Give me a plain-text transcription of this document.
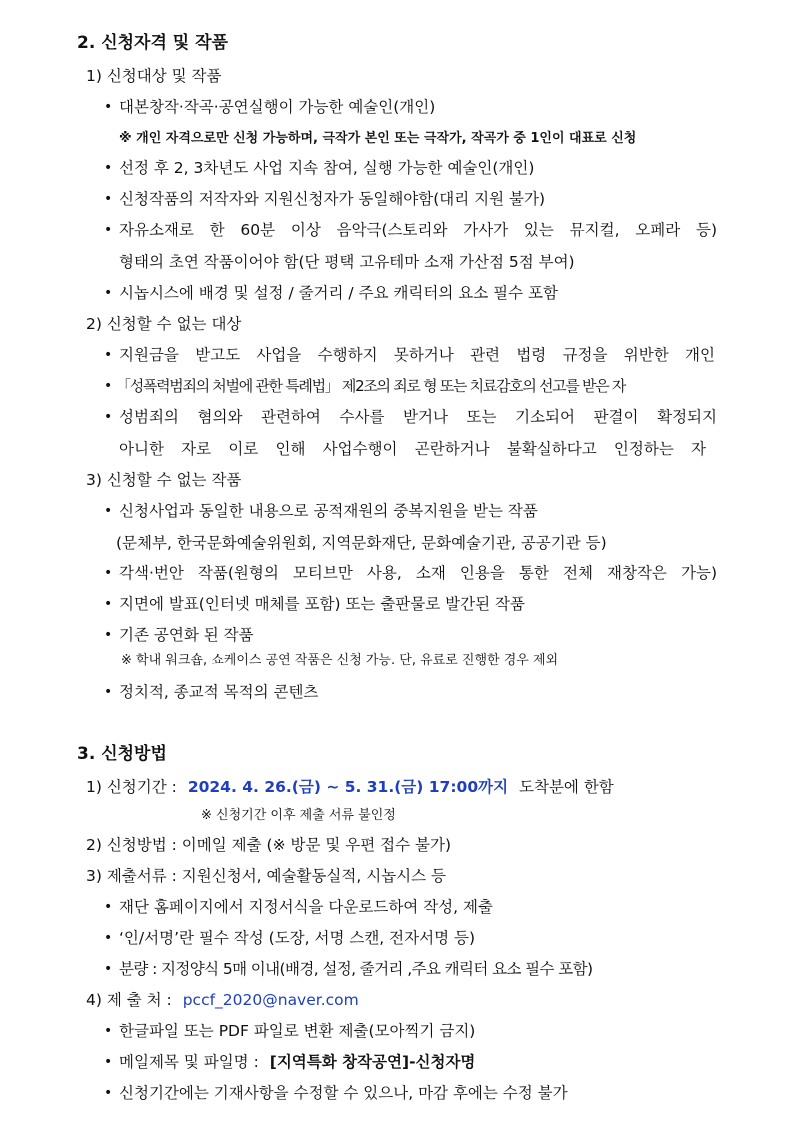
2. 신청자격 및 작품
1) 신청대상 및 작품
• 대본창작·작곡·공연실행이 가능한 예술인(개인)
※ 개인 자격으로만 신청 가능하며, 극작가 본인 또는 극작가, 작곡가 중 1인이 대표로 신청
• 선정 후 2, 3차년도 사업 지속 참여, 실행 가능한 예술인(개인)
• 신청작품의 저작자와 지원신청자가 동일해야함(대리 지원 불가)
• 자유소재로 한 60분 이상 음악극(스토리와 가사가 있는 뮤지컬, 오페라 등)
형태의 초연 작품이어야 함(단 평택 고유테마 소재 가산점 5점 부여)
• 시놉시스에 배경 및 설정 / 줄거리 / 주요 캐릭터의 요소 필수 포함
2) 신청할 수 없는 대상
• 지원금을 받고도 사업을 수행하지 못하거나 관련 법령 규정을 위반한 개인
• 「성폭력범죄의 처벌에 관한 특례법」 제2조의 죄로 형 또는 치료감호의 선고를 받은 자
• 성범죄의 혐의와 관련하여 수사를 받거나 또는 기소되어 판결이 확정되지
아니한 자로 이로 인해 사업수행이 곤란하거나 불확실하다고 인정하는 자
3) 신청할 수 없는 작품
• 신청사업과 동일한 내용으로 공적재원의 중복지원을 받는 작품
(문체부, 한국문화예술위원회, 지역문화재단, 문화예술기관, 공공기관 등)
• 각색·번안 작품(원형의 모티브만 사용, 소재 인용을 통한 전체 재창작은 가능)
• 지면에 발표(인터넷 매체를 포함) 또는 출판물로 발간된 작품
• 기존 공연화 된 작품
※ 학내 워크숍, 쇼케이스 공연 작품은 신청 가능. 단, 유료로 진행한 경우 제외
• 정치적, 종교적 목적의 콘텐츠
3. 신청방법
1) 신청기간 : 2024. 4. 26.(금) ~ 5. 31.(금) 17:00까지 도착분에 한함
※ 신청기간 이후 제출 서류 불인정
2) 신청방법 : 이메일 제출 (※ 방문 및 우편 접수 불가)
3) 제출서류 : 지원신청서, 예술활동실적, 시놉시스 등
• 재단 홈페이지에서 지정서식을 다운로드하여 작성, 제출
• ‘인/서명’란 필수 작성 (도장, 서명 스캔, 전자서명 등)
• 분량 : 지정양식 5매 이내(배경, 설정, 줄거리 ,주요 캐릭터 요소 필수 포함)
4) 제 출 처 : pccf_2020@naver.com
• 한글파일 또는 PDF 파일로 변환 제출(모아찍기 금지)
• 메일제목 및 파일명 : [지역특화 창작공연]-신청자명
• 신청기간에는 기재사항을 수정할 수 있으나, 마감 후에는 수정 불가
